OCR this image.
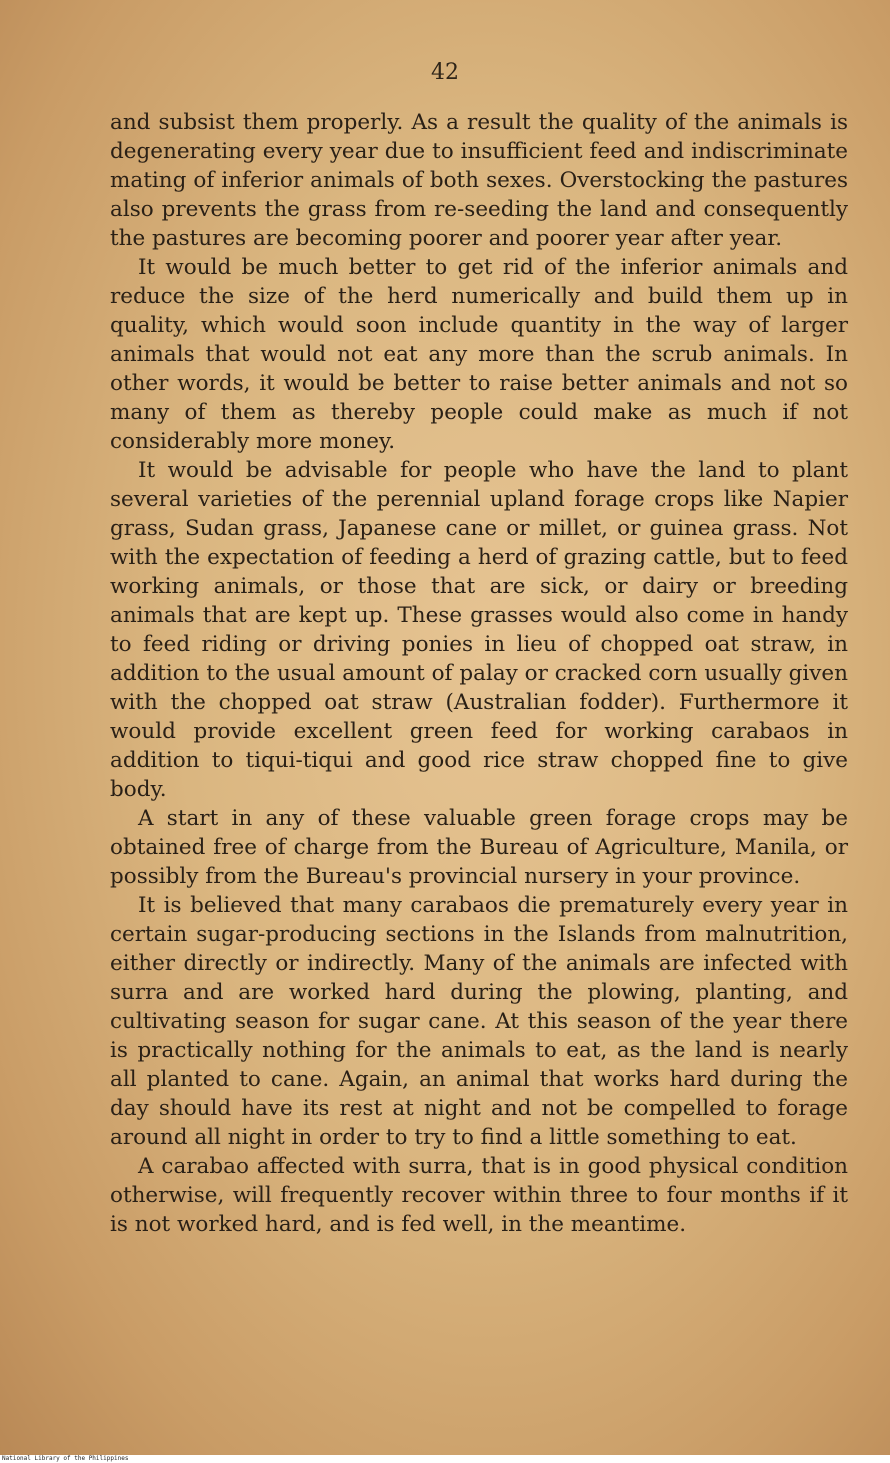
42

and subsist them properly. As a result the quality of the animals is degenerating every year due to insufficient feed and indiscriminate mating of inferior animals of both sexes. Overstocking the pastures also prevents the grass from re-seeding the land and consequently the pastures are becoming poorer and poorer year after year.

It would be much better to get rid of the inferior animals and reduce the size of the herd numerically and build them up in quality, which would soon include quantity in the way of larger animals that would not eat any more than the scrub animals. In other words, it would be better to raise better animals and not so many of them as thereby people could make as much if not considerably more money.

It would be advisable for people who have the land to plant several varieties of the perennial upland forage crops like Napier grass, Sudan grass, Japanese cane or millet, or guinea grass. Not with the expectation of feeding a herd of grazing cattle, but to feed working animals, or those that are sick, or dairy or breeding animals that are kept up. These grasses would also come in handy to feed riding or driving ponies in lieu of chopped oat straw, in addition to the usual amount of palay or cracked corn usually given with the chopped oat straw (Australian fodder). Furthermore it would provide excellent green feed for working carabaos in addition to tiqui-tiqui and good rice straw chopped fine to give body.

A start in any of these valuable green forage crops may be obtained free of charge from the Bureau of Agriculture, Manila, or possibly from the Bureau's provincial nursery in your province.

It is believed that many carabaos die prematurely every year in certain sugar-producing sections in the Islands from malnutrition, either directly or indirectly. Many of the animals are infected with surra and are worked hard during the plowing, planting, and cultivating season for sugar cane. At this season of the year there is practically nothing for the animals to eat, as the land is nearly all planted to cane. Again, an animal that works hard during the day should have its rest at night and not be compelled to forage around all night in order to try to find a little something to eat.

A carabao affected with surra, that is in good physical condition otherwise, will frequently recover within three to four months if it is not worked hard, and is fed well, in the meantime.

National Library of the Philippines
